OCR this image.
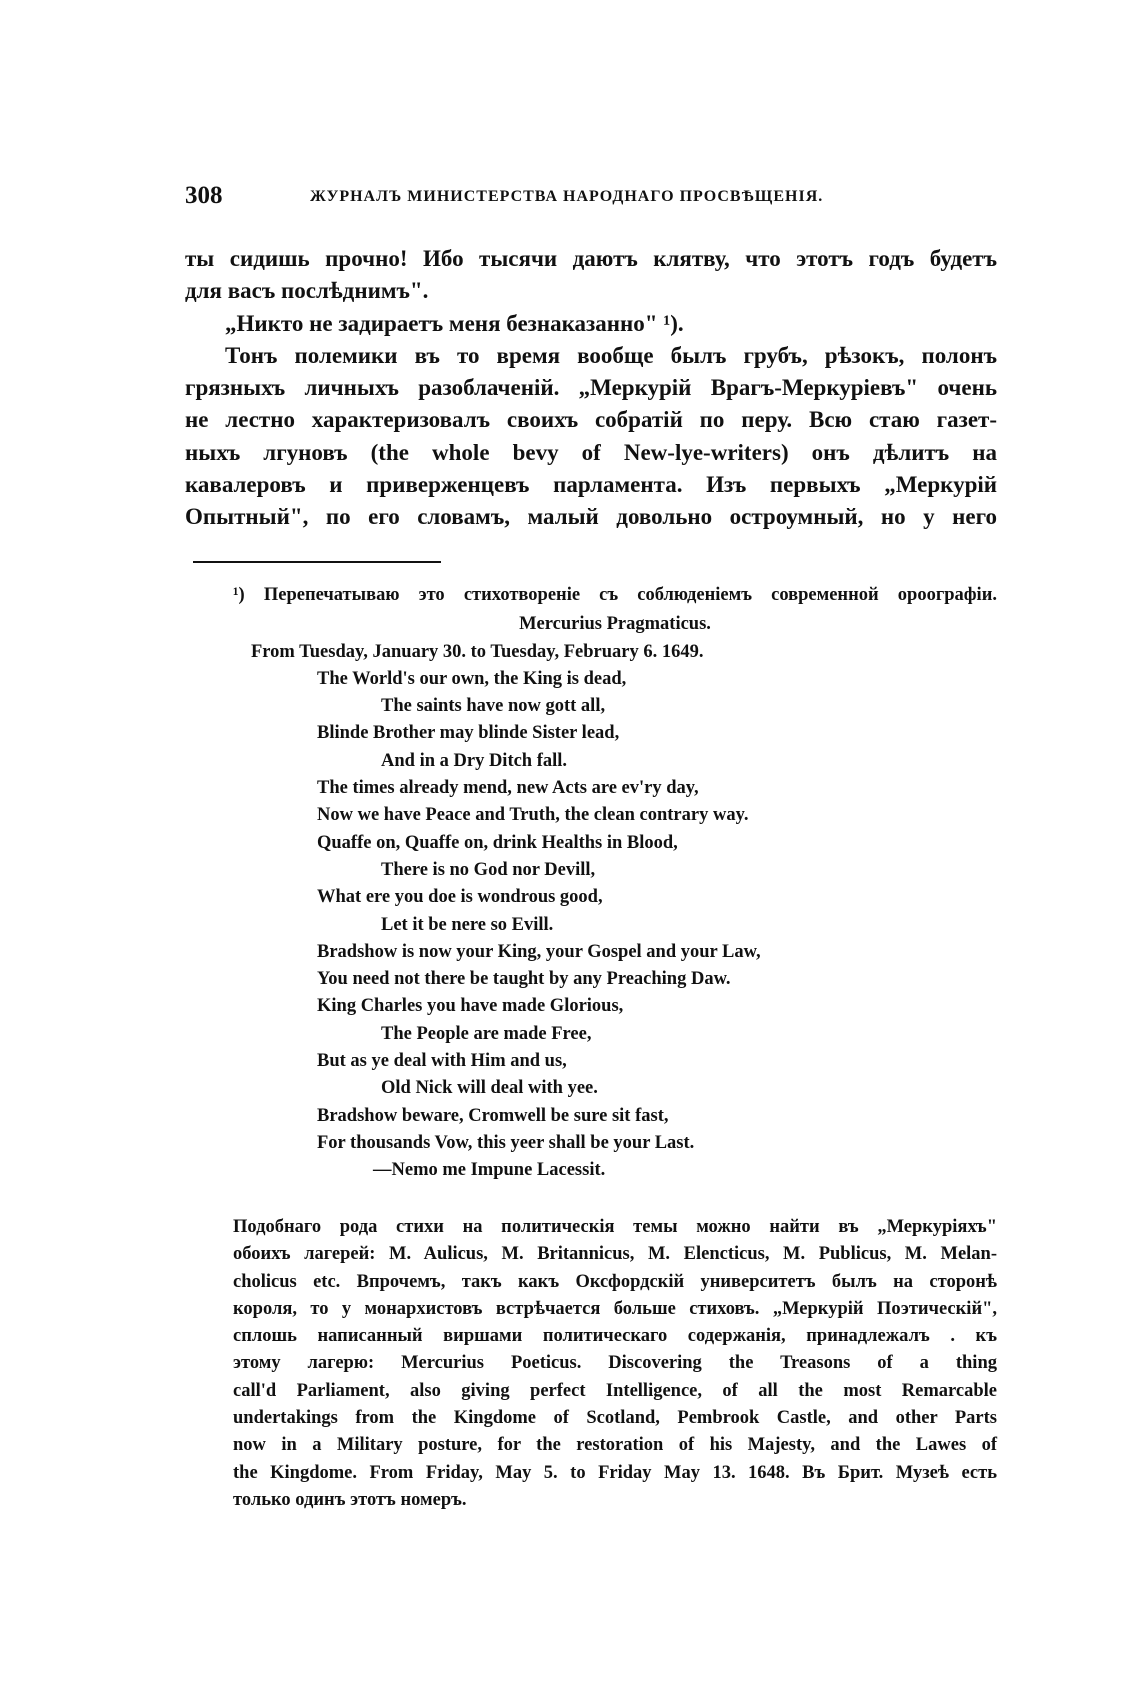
308	ЖУРНАЛЪ МИНИСТЕРСТВА НАРОДНАГО ПРОСВѢЩЕНІЯ.

ты сидишь прочно! Ибо тысячи даютъ клятву, что этотъ годъ будетъ

для васъ послѣднимъ".

„Никто не задираетъ меня безнаказанно" ¹).

Тонъ полемики въ то время вообще былъ грубъ, рѣзокъ, полонъ

грязныхъ личныхъ разоблаченій. „Меркурій Врагъ-Меркуріевъ" очень

не лестно характеризовалъ своихъ собратій по перу. Всю стаю газет-

ныхъ лгуновъ (the whole bevy of New-lye-writers) онъ дѣлитъ на

кавалеровъ и приверженцевъ парламента. Изъ первыхъ „Меркурій

Опытный", по его словамъ, малый довольно остроумный, но у него

¹) Перепечатываю это стихотвореніе съ соблюденіемъ современной ороографіи.

Mercurius Pragmaticus.

From Tuesday, January 30. to Tuesday, February 6. 1649.

The World's our own, the King is dead,
The saints have now gott all,
Blinde Brother may blinde Sister lead,
And in a Dry Ditch fall.
The times already mend, new Acts are ev'ry day,
Now we have Peace and Truth, the clean contrary way.
Quaffe on, Quaffe on, drink Healths in Blood,
There is no God nor Devill,
What ere you doe is wondrous good,
Let it be nere so Evill.
Bradshow is now your King, your Gospel and your Law,
You need not there be taught by any Preaching Daw.
King Charles you have made Glorious,
The People are made Free,
But as ye deal with Him and us,
Old Nick will deal with yee.
Bradshow beware, Cromwell be sure sit fast,
For thousands Vow, this yeer shall be your Last.
—Nemo me Impune Lacessit.
Подобнаго рода стихи на политическія темы можно найти въ „Меркуріяхъ"
обоихъ лагерей: M. Aulicus, M. Britannicus, M. Elencticus, M. Publicus, M. Melan-
cholicus etc. Впрочемъ, такъ какъ Оксфордскій университетъ былъ на сторонѣ
короля, то у монархистовъ встрѣчается больше стиховъ. „Меркурій Поэтическій",
сплошь написанный виршами политическаго содержанія, принадлежалъ . къ
этому лагерю: Mercurius Poeticus. Discovering the Treasons of a thing
call'd Parliament, also giving perfect Intelligence, of all the most Remarcable
undertakings from the Kingdome of Scotland, Pembrook Castle, and other Parts
now in a Military posture, for the restoration of his Majesty, and the Lawes of
the Kingdome. From Friday, May 5. to Friday May 13. 1648. Въ Брит. Музеѣ есть
только одинъ этотъ номеръ.
